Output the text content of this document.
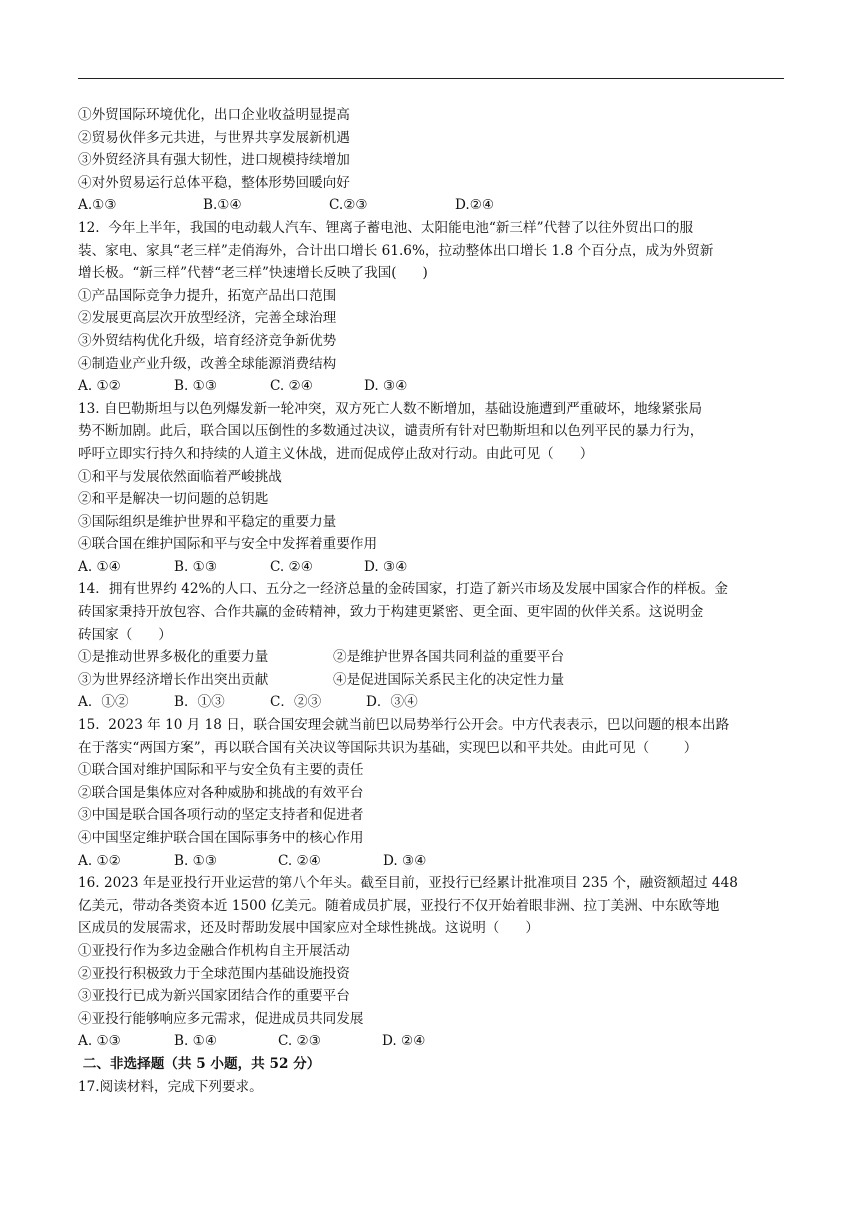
①外贸国际环境优化，出口企业收益明显提高
②贸易伙伴多元共进，与世界共享发展新机遇
③外贸经济具有强大韧性，进口规模持续增加
④对外贸易运行总体平稳，整体形势回暖向好
A.①③	B.①④	C.②③	D.②④
12.  今年上半年，我国的电动载人汽车、锂离子蓄电池、太阳能电池“新三样”代替了以往外贸出口的服
装、家电、家具“老三样”走俏海外，合计出口增长 61.6%，拉动整体出口增长 1.8 个百分点，成为外贸新
增长极。“新三样”代替“老三样”快速增长反映了我国(      )
①产品国际竞争力提升，拓宽产品出口范围
②发展更高层次开放型经济，完善全球治理
③外贸结构优化升级，培育经济竞争新优势
④制造业产业升级，改善全球能源消费结构
A. ①②	B. ①③	C. ②④	D. ③④
13. 自巴勒斯坦与以色列爆发新一轮冲突，双方死亡人数不断增加，基础设施遭到严重破坏，地缘紧张局
势不断加剧。此后，联合国以压倒性的多数通过决议，谴责所有针对巴勒斯坦和以色列平民的暴力行为，
呼吁立即实行持久和持续的人道主义休战，进而促成停止敌对行动。由此可见（      ）
①和平与发展依然面临着严峻挑战
②和平是解决一切问题的总钥匙
③国际组织是维护世界和平稳定的重要力量
④联合国在维护国际和平与安全中发挥着重要作用
A. ①④	B. ①③	C. ②④	D. ③④
14．拥有世界约 42%的人口、五分之一经济总量的金砖国家，打造了新兴市场及发展中国家合作的样板。金
砖国家秉持开放包容、合作共赢的金砖精神，致力于构建更紧密、更全面、更牢固的伙伴关系。这说明金
砖国家（      ）
①是推动世界多极化的重要力量	②是维护世界各国共同利益的重要平台
③为世界经济增长作出突出贡献	④是促进国际关系民主化的决定性力量
A．①②	B．①③	C．②③	D．③④
15.  2023 年 10 月 18 日，联合国安理会就当前巴以局势举行公开会。中方代表表示，巴以问题的根本出路
在于落实“两国方案”，再以联合国有关决议等国际共识为基础，实现巴以和平共处。由此可见（        ）
①联合国对维护国际和平与安全负有主要的责任
②联合国是集体应对各种威胁和挑战的有效平台
③中国是联合国各项行动的坚定支持者和促进者
④中国坚定维护联合国在国际事务中的核心作用
A. ①②	B. ①③	C. ②④	D. ③④
16. 2023 年是亚投行开业运营的第八个年头。截至目前，亚投行已经累计批准项目 235 个，融资额超过 448
亿美元，带动各类资本近 1500 亿美元。随着成员扩展，亚投行不仅开始着眼非洲、拉丁美洲、中东欧等地
区成员的发展需求，还及时帮助发展中国家应对全球性挑战。这说明（      ）
①亚投行作为多边金融合作机构自主开展活动
②亚投行积极致力于全球范围内基础设施投资
③亚投行已成为新兴国家团结合作的重要平台
④亚投行能够响应多元需求，促进成员共同发展
A. ①③	B. ①④	C. ②③	D. ②④
二、非选择题（共 5 小题，共 52 分）
17.阅读材料，完成下列要求。
